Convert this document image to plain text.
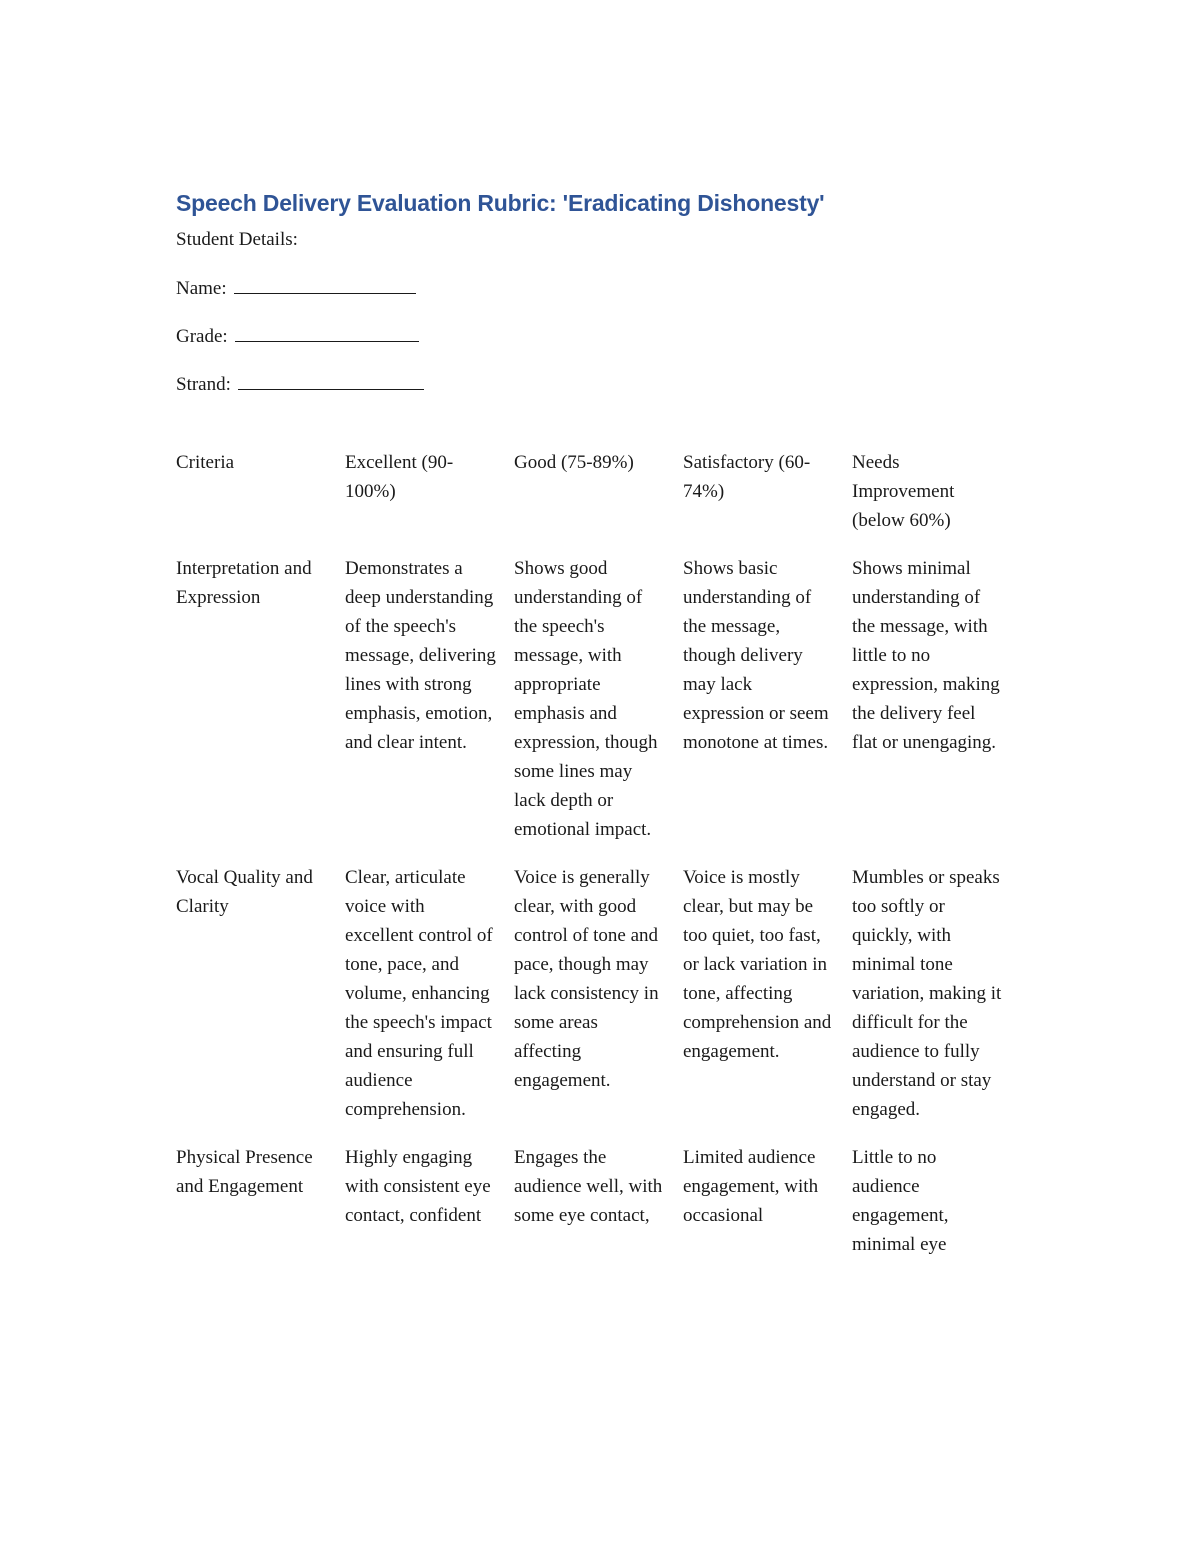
Speech Delivery Evaluation Rubric: 'Eradicating Dishonesty'
Student Details:
Name:
Grade:
Strand:
Criteria	Excellent (90-100%)	Good (75-89%)	Satisfactory (60-74%)	Needs Improvement (below 60%)

Interpretation and Expression	Demonstrates a deep understanding of the speech's message, delivering lines with strong emphasis, emotion, and clear intent.	Shows good understanding of the speech's message, with appropriate emphasis and expression, though some lines may lack depth or emotional impact.	Shows basic understanding of the message, though delivery may lack expression or seem monotone at times.	Shows minimal understanding of the message, with little to no expression, making the delivery feel flat or unengaging.

Vocal Quality and Clarity	Clear, articulate voice with excellent control of tone, pace, and volume, enhancing the speech's impact and ensuring full audience comprehension.	Voice is generally clear, with good control of tone and pace, though may lack consistency in some areas affecting engagement.	Voice is mostly clear, but may be too quiet, too fast, or lack variation in tone, affecting comprehension and engagement.	Mumbles or speaks too softly or quickly, with minimal tone variation, making it difficult for the audience to fully understand or stay engaged.

Physical Presence and Engagement	Highly engaging with consistent eye contact, confident	Engages the audience well, with some eye contact,	Limited audience engagement, with occasional	Little to no audience engagement, minimal eye
